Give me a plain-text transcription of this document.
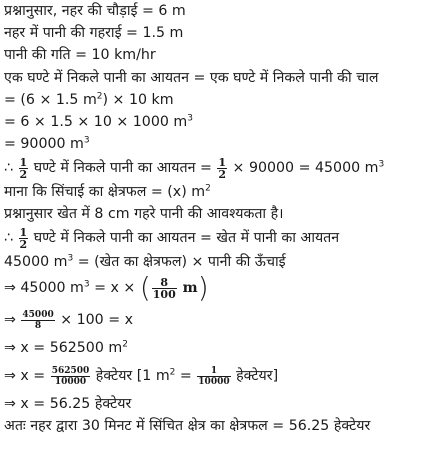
प्रश्नानुसार, नहर की चौड़ाई = 6 m

नहर में पानी की गहराई = 1.5 m

पानी की गति = 10 km/hr

एक घण्टे में निकले पानी का आयतन = एक घण्टे में निकले पानी की चाल

= (6 × 1.5 $m^2) \times 10$ km

= 6 × 1.5 × 10 × 1000 $m^3$

= 90000 $m^3$

∴ $\frac{1}{2}$ घण्टे में निकले पानी का आयतन = $\frac{1}{2} \times 90000 = 45000$ $m^3$

माना कि सिंचाई का क्षेत्रफल = (x) $m^2$

प्रश्नानुसार खेत में 8 cm गहरे पानी की आवश्यकता है।

∴ $\frac{1}{2}$ घण्टे में निकले पानी का आयतन = खेत में पानी का आयतन

45000 $m^3$ = (खेत का क्षेत्रफल) × पानी की ऊँचाई

⇒ 45000 $m^3 = x$ × ( $\frac{8}{100} m$)

⇒ $\frac{45000}{8} \times 100 = x$

⇒ x = 562500 $m^2$

⇒ $x = \frac{562500}{10000}$ हेक्टेयर [1 $m^2 = \frac{1}{10000}$ हेक्टेयर]

⇒ x = 56.25 हेक्टेयर

अतः नहर द्वारा 30 मिनट में सिंचित क्षेत्र का क्षेत्रफल = 56.25 हेक्टेयर
